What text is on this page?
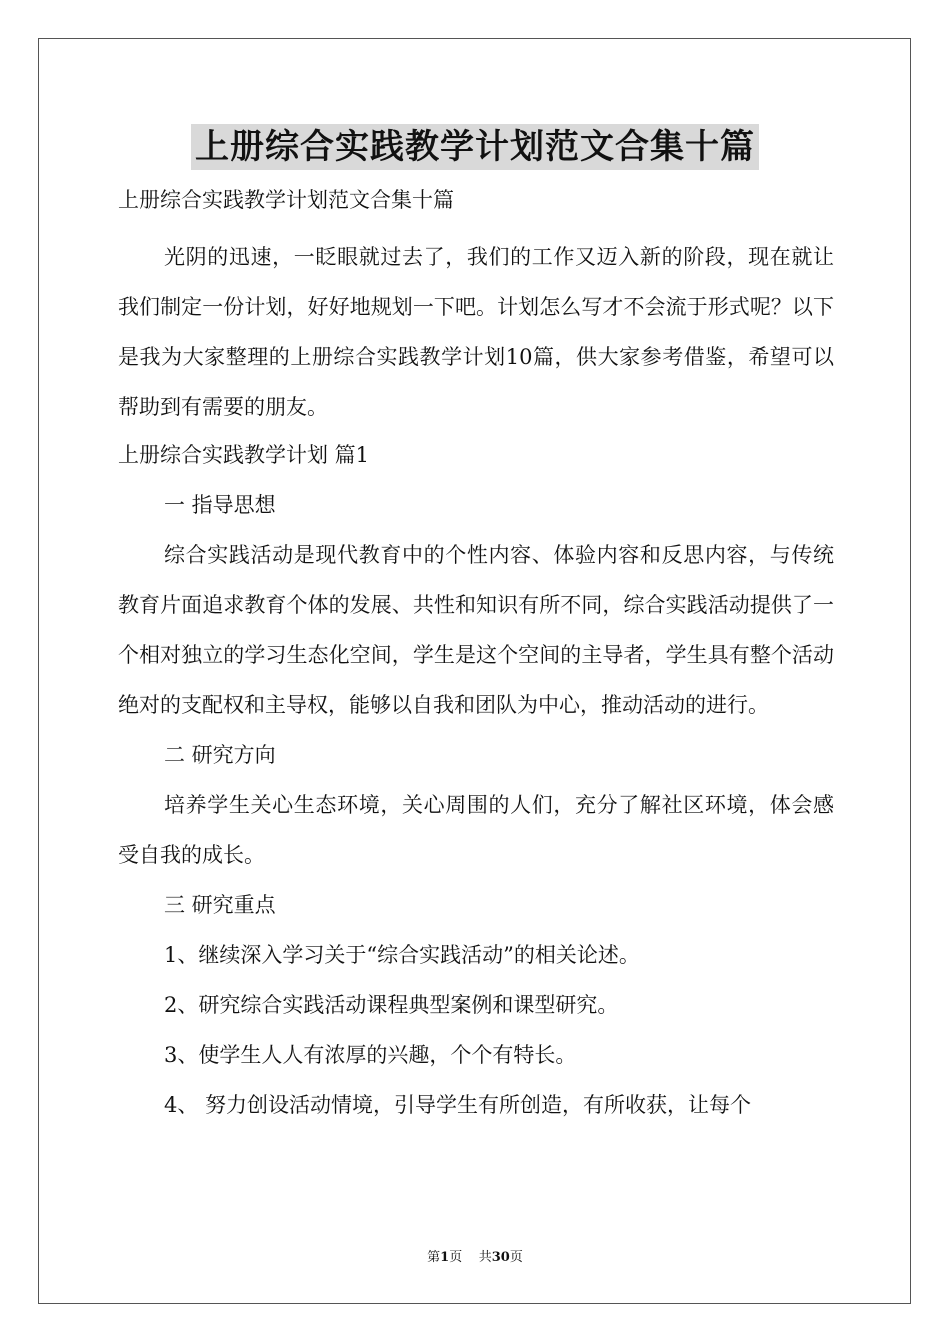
上册综合实践教学计划范文合集十篇
上册综合实践教学计划范文合集十篇

光阴的迅速，一眨眼就过去了，我们的工作又迈入新的阶段，现在就让我们制定一份计划，好好地规划一下吧。计划怎么写才不会流于形式呢？以下是我为大家整理的上册综合实践教学计划10篇，供大家参考借鉴，希望可以帮助到有需要的朋友。

上册综合实践教学计划 篇1

一 指导思想

综合实践活动是现代教育中的个性内容、体验内容和反思内容，与传统教育片面追求教育个体的发展、共性和知识有所不同，综合实践活动提供了一个相对独立的学习生态化空间，学生是这个空间的主导者，学生具有整个活动绝对的支配权和主导权，能够以自我和团队为中心，推动活动的进行。

二 研究方向

培养学生关心生态环境，关心周围的人们，充分了解社区环境，体会感受自我的成长。

三 研究重点

1、继续深入学习关于“综合实践活动”的相关论述。

2、研究综合实践活动课程典型案例和课型研究。

3、使学生人人有浓厚的兴趣，个个有特长。

4、 努力创设活动情境，引导学生有所创造，有所收获，让每个

第1页    共30页
